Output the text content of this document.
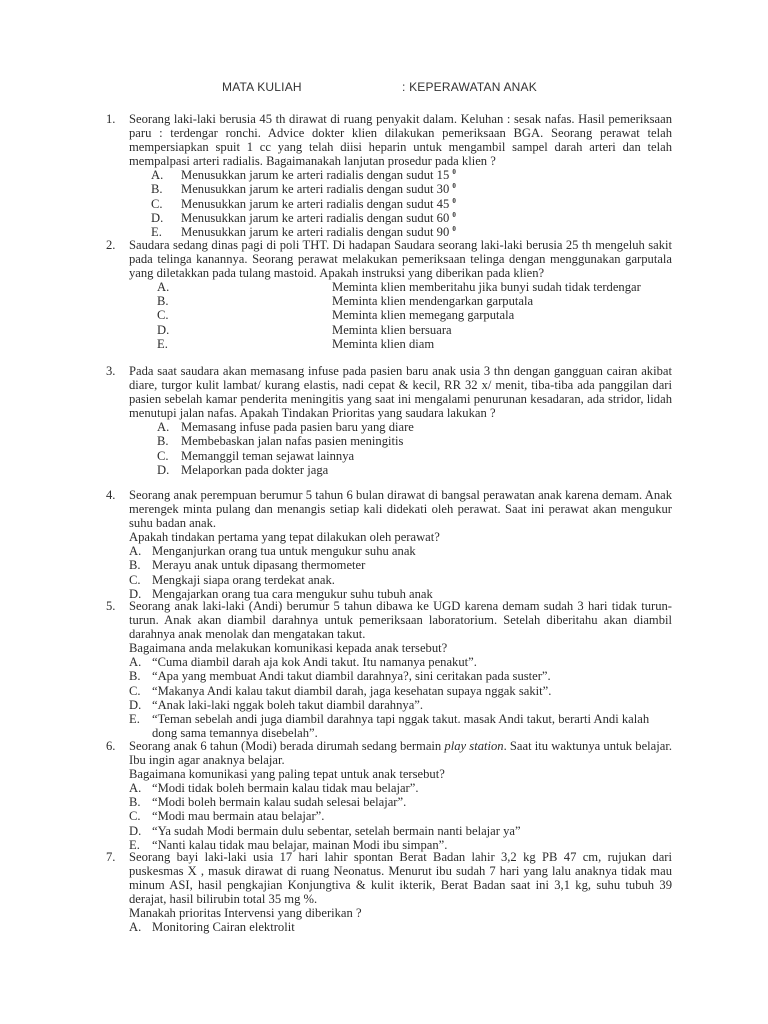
MATA KULIAH	: KEPERAWATAN ANAK
1. Seorang laki-laki berusia 45 th dirawat di ruang penyakit dalam. Keluhan : sesak nafas. Hasil pemeriksaan paru : terdengar ronchi. Advice dokter klien dilakukan pemeriksaan BGA. Seorang perawat telah mempersiapkan spuit 1 cc yang telah diisi heparin untuk mengambil sampel darah arteri dan telah mempalpasi arteri radialis. Bagaimanakah lanjutan prosedur pada klien ?
A. Menusukkan jarum ke arteri radialis dengan sudut 15 $^0$
B. Menusukkan jarum ke arteri radialis dengan sudut 30 $^0$
C. Menusukkan jarum ke arteri radialis dengan sudut 45 $^0$
D. Menusukkan jarum ke arteri radialis dengan sudut 60 $^0$
E. Menusukkan jarum ke arteri radialis dengan sudut 90 $^0$
2. Saudara sedang dinas pagi di poli THT. Di hadapan Saudara seorang laki-laki berusia 25 th mengeluh sakit pada telinga kanannya. Seorang perawat melakukan pemeriksaan telinga dengan menggunakan garputala yang diletakkan pada tulang mastoid. Apakah instruksi yang diberikan pada klien?
A.	Meminta klien memberitahu jika bunyi sudah tidak terdengar
B.	Meminta klien mendengarkan garputala
C.	Meminta klien memegang garputala
D.	Meminta klien bersuara
E.	Meminta klien diam
3. Pada saat saudara akan memasang infuse pada pasien baru anak usia 3 thn dengan gangguan cairan akibat diare, turgor kulit lambat/ kurang elastis, nadi cepat & kecil, RR 32 x/ menit, tiba-tiba ada panggilan dari pasien sebelah kamar penderita meningitis yang saat ini mengalami penurunan kesadaran, ada stridor, lidah menutupi jalan nafas. Apakah Tindakan Prioritas yang saudara lakukan ?
A. Memasang infuse pada pasien baru yang diare
B. Membebaskan jalan nafas pasien meningitis
C. Memanggil teman sejawat lainnya
D. Melaporkan pada dokter jaga
4. Seorang anak perempuan berumur 5 tahun 6 bulan dirawat di bangsal perawatan anak karena demam. Anak merengek minta pulang dan menangis setiap kali didekati oleh perawat. Saat ini perawat akan mengukur suhu badan anak.
Apakah tindakan pertama yang tepat dilakukan oleh perawat?
A. Menganjurkan orang tua untuk mengukur suhu anak
B. Merayu anak untuk dipasang thermometer
C. Mengkaji siapa orang terdekat anak.
D. Mengajarkan orang tua cara mengukur suhu tubuh anak
5. Seorang anak laki-laki (Andi) berumur 5 tahun dibawa ke UGD karena demam sudah 3 hari tidak turun-turun. Anak akan diambil darahnya untuk pemeriksaan laboratorium. Setelah diberitahu akan diambil darahnya anak menolak dan mengatakan takut.
Bagaimana anda melakukan komunikasi kepada anak tersebut?
A. “Cuma diambil darah aja kok Andi takut. Itu namanya penakut”.
B. “Apa yang membuat Andi takut diambil darahnya?, sini ceritakan pada suster”.
C. “Makanya Andi kalau takut diambil darah, jaga kesehatan supaya nggak sakit”.
D. “Anak laki-laki nggak boleh takut diambil darahnya”.
E. “Teman sebelah andi juga diambil darahnya tapi nggak takut. masak Andi takut, berarti Andi kalah dong sama temannya disebelah”.
6. Seorang anak 6 tahun (Modi) berada dirumah sedang bermain play station. Saat itu waktunya untuk belajar. Ibu ingin agar anaknya belajar.
Bagaimana komunikasi yang paling tepat untuk anak tersebut?
A. “Modi tidak boleh bermain kalau tidak mau belajar”.
B. “Modi boleh bermain kalau sudah selesai belajar”.
C. “Modi mau bermain atau belajar”.
D. “Ya sudah Modi bermain dulu sebentar, setelah bermain nanti belajar ya”
E. “Nanti kalau tidak mau belajar, mainan Modi ibu simpan”.
7. Seorang bayi laki-laki usia 17 hari lahir spontan Berat Badan lahir 3,2 kg PB 47 cm, rujukan dari puskesmas X , masuk dirawat di ruang Neonatus. Menurut ibu sudah 7 hari yang lalu anaknya tidak mau minum ASI, hasil pengkajian Konjungtiva & kulit ikterik, Berat Badan saat ini 3,1 kg, suhu tubuh 39 derajat, hasil bilirubin total 35 mg %.
Manakah prioritas Intervensi yang diberikan ?
A. Monitoring Cairan elektrolit
